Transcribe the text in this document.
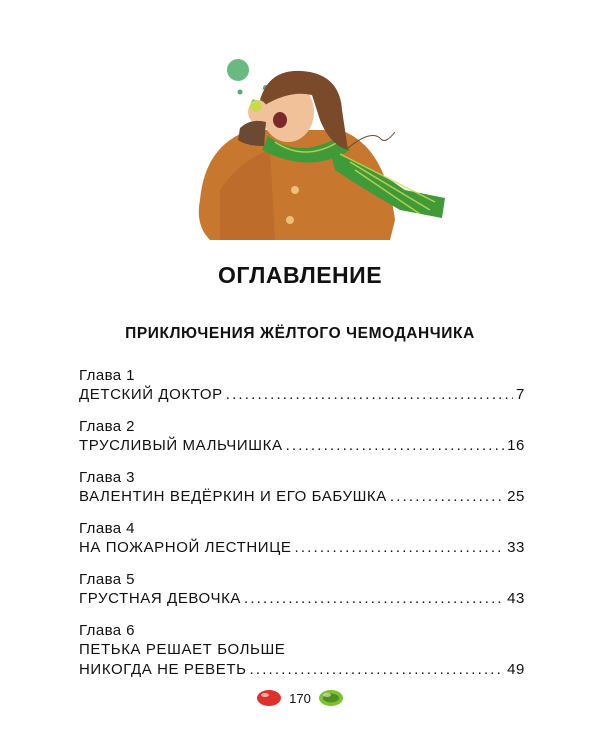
ОГЛАВЛЕНИЕ
ПРИКЛЮЧЕНИЯ ЖЁЛТОГО ЧЕМОДАНЧИКА
Глава 1
ДЕТСКИЙ ДОКТОР . . .	7
Глава 2
ТРУСЛИВЫЙ МАЛЬЧИШКА . . .	16
Глава 3
ВАЛЕНТИН ВЕДЁРКИН И ЕГО БАБУШКА . . .	25
Глава 4
НА ПОЖАРНОЙ ЛЕСТНИЦЕ . . .	33
Глава 5
ГРУСТНАЯ ДЕВОЧКА . . .	43
Глава 6
ПЕТЬКА РЕШАЕТ БОЛЬШЕ
НИКОГДА НЕ РЕВЕТЬ . . .	49
170
